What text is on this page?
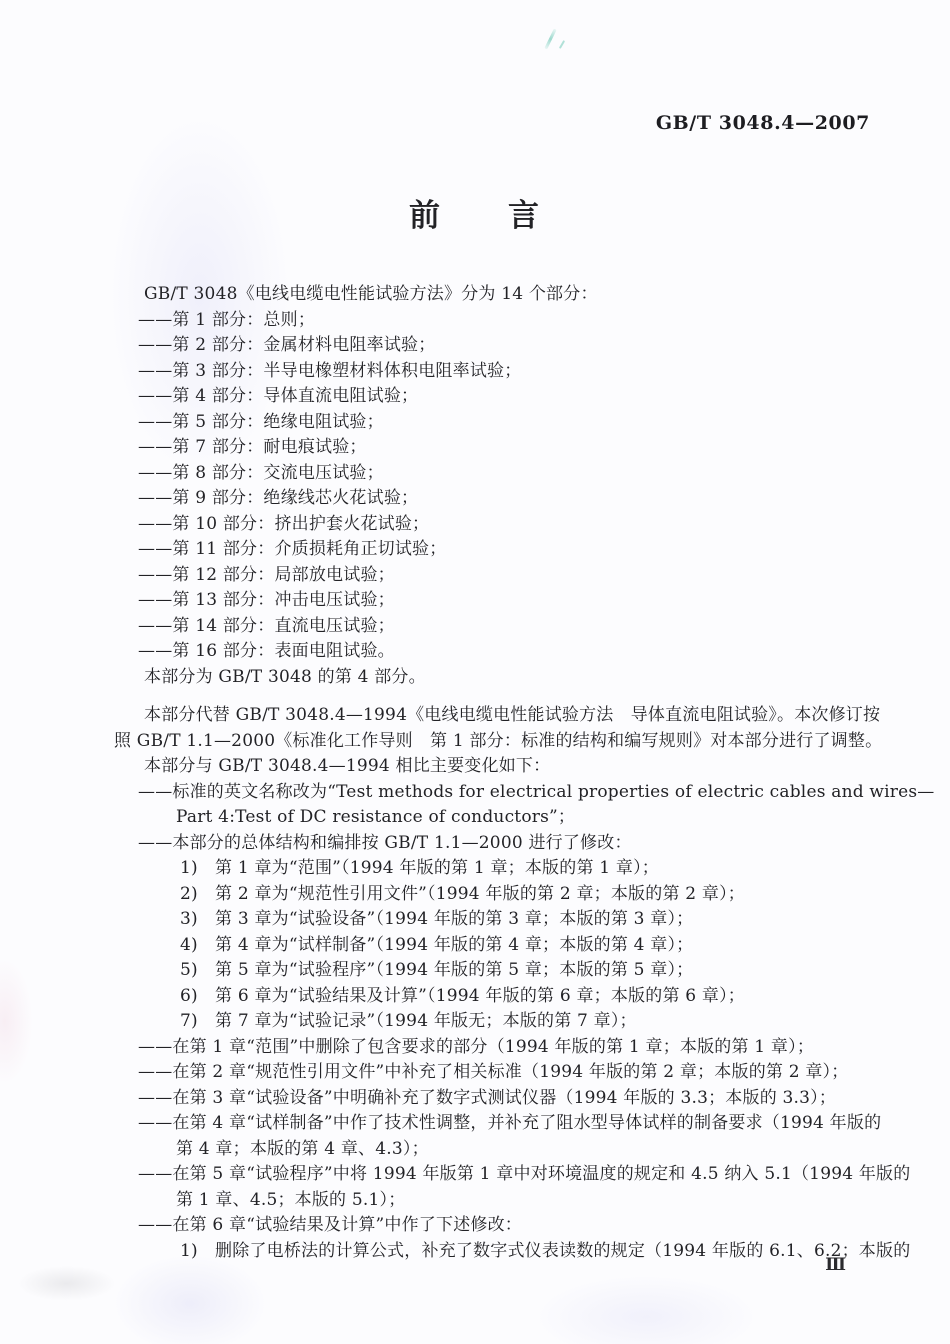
GB/T 3048.4—2007
前　　言
GB/T 3048《电线电缆电性能试验方法》分为 14 个部分：
——第 1 部分：总则；
——第 2 部分：金属材料电阻率试验；
——第 3 部分：半导电橡塑材料体积电阻率试验；
——第 4 部分：导体直流电阻试验；
——第 5 部分：绝缘电阻试验；
——第 7 部分：耐电痕试验；
——第 8 部分：交流电压试验；
——第 9 部分：绝缘线芯火花试验；
——第 10 部分：挤出护套火花试验；
——第 11 部分：介质损耗角正切试验；
——第 12 部分：局部放电试验；
——第 13 部分：冲击电压试验；
——第 14 部分：直流电压试验；
——第 16 部分：表面电阻试验。
本部分为 GB/T 3048 的第 4 部分。
本部分代替 GB/T 3048.4—1994《电线电缆电性能试验方法　导体直流电阻试验》。本次修订按
照 GB/T 1.1—2000《标准化工作导则　第 1 部分：标准的结构和编写规则》对本部分进行了调整。
本部分与 GB/T 3048.4—1994 相比主要变化如下：
——标准的英文名称改为“Test methods for electrical properties of electric cables and wires—
Part 4:Test of DC resistance of conductors”；
——本部分的总体结构和编排按 GB/T 1.1—2000 进行了修改：
1)　第 1 章为“范围”（1994 年版的第 1 章；本版的第 1 章）；
2)　第 2 章为“规范性引用文件”（1994 年版的第 2 章；本版的第 2 章）；
3)　第 3 章为“试验设备”（1994 年版的第 3 章；本版的第 3 章）；
4)　第 4 章为“试样制备”（1994 年版的第 4 章；本版的第 4 章）；
5)　第 5 章为“试验程序”（1994 年版的第 5 章；本版的第 5 章）；
6)　第 6 章为“试验结果及计算”（1994 年版的第 6 章；本版的第 6 章）；
7)　第 7 章为“试验记录”（1994 年版无；本版的第 7 章）；
——在第 1 章“范围”中删除了包含要求的部分（1994 年版的第 1 章；本版的第 1 章）；
——在第 2 章“规范性引用文件”中补充了相关标准（1994 年版的第 2 章；本版的第 2 章）；
——在第 3 章“试验设备”中明确补充了数字式测试仪器（1994 年版的 3.3；本版的 3.3）；
——在第 4 章“试样制备”中作了技术性调整，并补充了阻水型导体试样的制备要求（1994 年版的
第 4 章；本版的第 4 章、4.3）；
——在第 5 章“试验程序”中将 1994 年版第 1 章中对环境温度的规定和 4.5 纳入 5.1（1994 年版的
第 1 章、4.5；本版的 5.1）；
——在第 6 章“试验结果及计算”中作了下述修改：
1)　删除了电桥法的计算公式，补充了数字式仪表读数的规定（1994 年版的 6.1、6.2；本版的
Ⅲ
